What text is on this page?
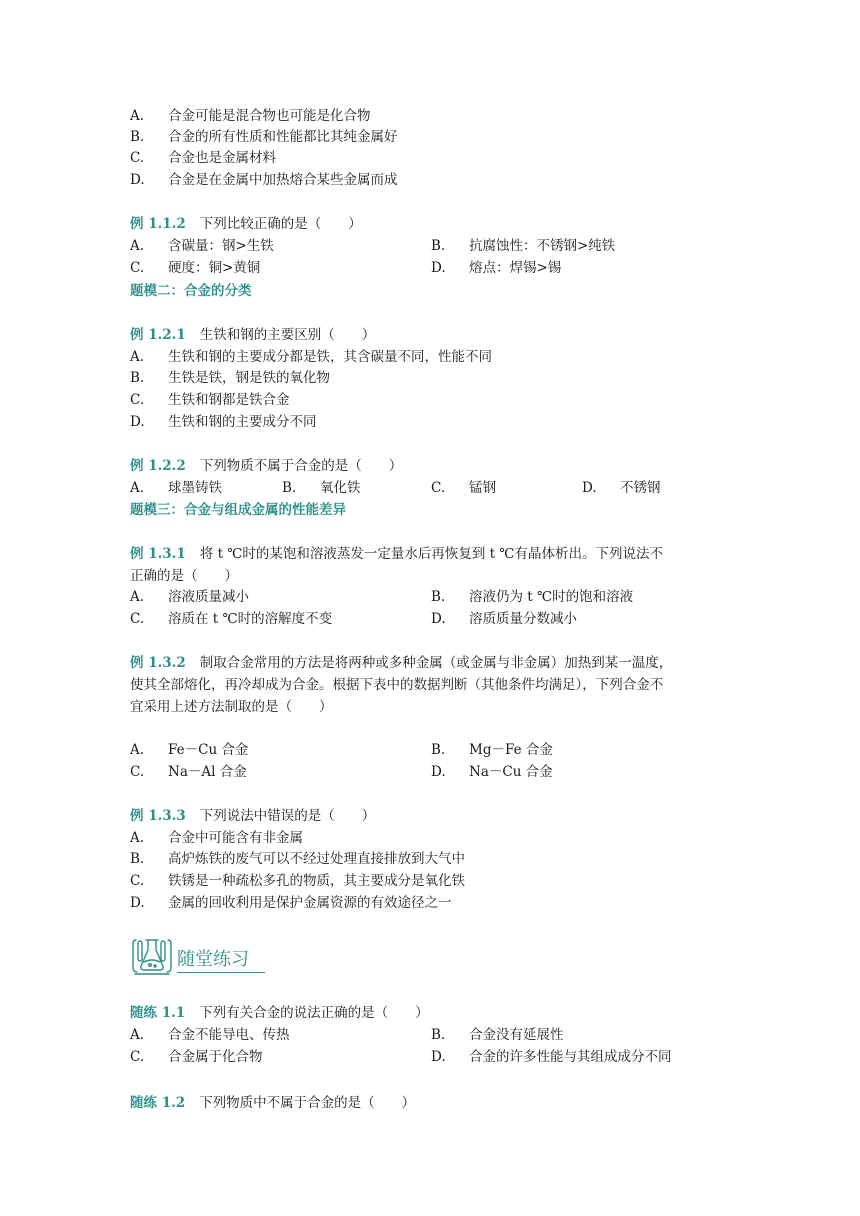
A. 合金可能是混合物也可能是化合物
B. 合金的所有性质和性能都比其纯金属好
C. 合金也是金属材料
D. 合金是在金属中加热熔合某些金属而成
例 1.1.2 下列比较正确的是（　　）
A. 含碳量：钢>生铁	B. 抗腐蚀性：不锈钢>纯铁
C. 硬度：铜>黄铜	D. 熔点：焊锡>锡
题模二：合金的分类
例 1.2.1 生铁和钢的主要区别（　　）
A. 生铁和钢的主要成分都是铁，其含碳量不同，性能不同
B. 生铁是铁，钢是铁的氧化物
C. 生铁和钢都是铁合金
D. 生铁和钢的主要成分不同
例 1.2.2 下列物质不属于合金的是（　　）
A. 球墨铸铁	B. 氧化铁	C. 锰钢	D. 不锈钢
题模三：合金与组成金属的性能差异
例 1.3.1 将 t ℃时的某饱和溶液蒸发一定量水后再恢复到 t ℃有晶体析出。下列说法不
正确的是（　　）
A. 溶液质量减小	B. 溶液仍为 t ℃时的饱和溶液
C. 溶质在 t ℃时的溶解度不变	D. 溶质质量分数减小
例 1.3.2 制取合金常用的方法是将两种或多种金属（或金属与非金属）加热到某一温度，
使其全部熔化，再冷却成为合金。根据下表中的数据判断（其他条件均满足），下列合金不
宜采用上述方法制取的是（　　）
A. Fe－Cu 合金	B. Mg－Fe 合金
C. Na－Al 合金	D. Na－Cu 合金
例 1.3.3 下列说法中错误的是（　　）
A. 合金中可能含有非金属
B. 高炉炼铁的废气可以不经过处理直接排放到大气中
C. 铁锈是一种疏松多孔的物质，其主要成分是氧化铁
D. 金属的回收利用是保护金属资源的有效途径之一
随堂练习
随练 1.1 下列有关合金的说法正确的是（　　）
A. 合金不能导电、传热	B. 合金没有延展性
C. 合金属于化合物	D. 合金的许多性能与其组成成分不同
随练 1.2 下列物质中不属于合金的是（　　）
